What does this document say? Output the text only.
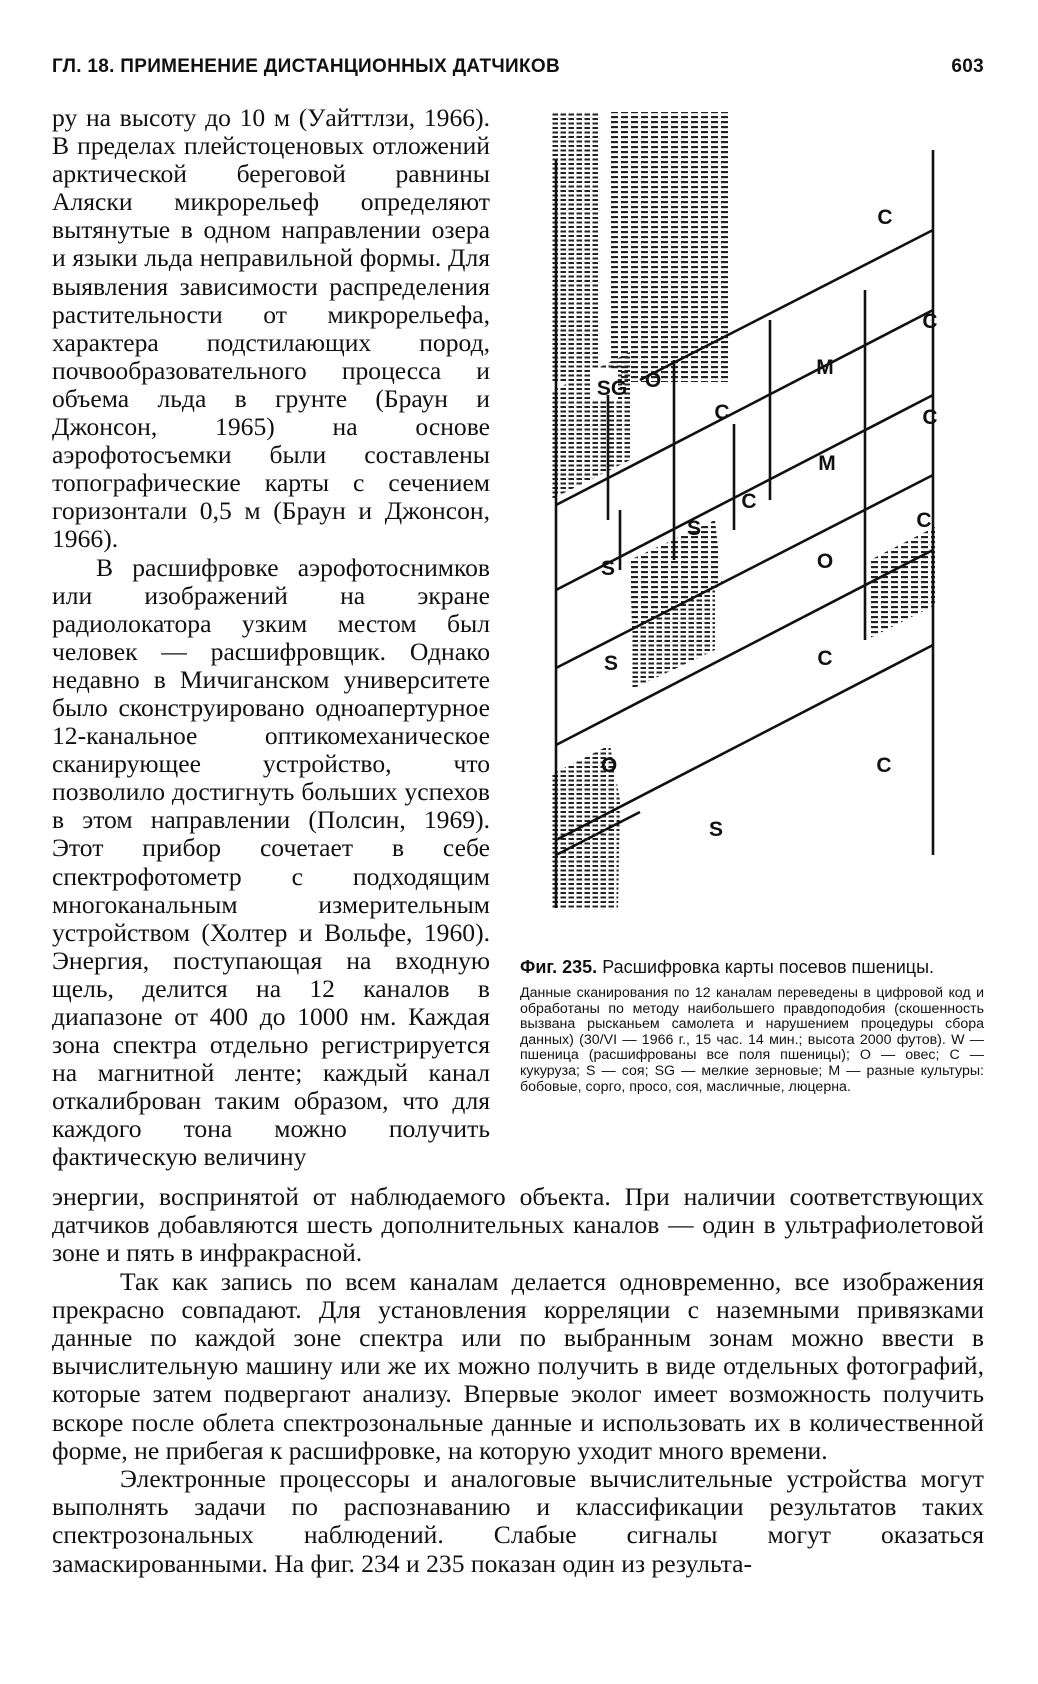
ГЛ. 18. ПРИМЕНЕНИЕ ДИСТАНЦИОННЫХ ДАТЧИКОВ	603

ру на высоту до 10 м (Уайттлзи, 1966). В пределах плейстоценовых отложений арктической береговой равнины Аляски микрорельеф определяют вытянутые в одном направлении озера и языки льда неправильной формы. Для выявления зависимости распределения растительности от микрорельефа, характера подстилающих пород, почвообразовательного процесса и объема льда в грунте (Браун и Джонсон, 1965) на основе аэрофотосъемки были составлены топографические карты с сечением горизонтали 0,5 м (Браун и Джонсон, 1966).

В расшифровке аэрофотоснимков или изображений на экране радиолокатора узким местом был человек — расшифровщик. Однако недавно в Мичиганском университете было сконструировано одноапертурное 12-канальное оптикомеханическое сканирующее устройство, что позволило достигнуть больших успехов в этом направлении (Полсин, 1969). Этот прибор сочетает в себе спектрофотометр с подходящим многоканальным измерительным устройством (Холтер и Вольфе, 1960). Энергия, поступающая на входную щель, делится на 12 каналов в диапазоне от 400 до 1000 нм. Каждая зона спектра отдельно регистрируется на магнитной ленте; каждый канал откалиброван таким образом, что для каждого тона можно получить фактическую величину

C
C
M
SG O
C	C
M
C
S	C
S	O
S	C
O	C
S

Фиг. 235. Расшифровка карты посевов пшеницы.

Данные сканирования по 12 каналам переведены в цифровой код и обработаны по методу наибольшего правдоподобия (скошенность вызвана рысканьем самолета и нарушением процедуры сбора данных) (30/VI — 1966 г., 15 час. 14 мин.; высота 2000 футов). W — пшеница (расшифрованы все поля пшеницы); O — овес; C — кукуруза; S — соя; SG — мелкие зерновые; M — разные культуры: бобовые, сорго, просо, соя, масличные, люцерна.

энергии, воспринятой от наблюдаемого объекта. При наличии соответствующих датчиков добавляются шесть дополнительных каналов — один в ультрафиолетовой зоне и пять в инфракрасной.

Так как запись по всем каналам делается одновременно, все изображения прекрасно совпадают. Для установления корреляции с наземными привязками данные по каждой зоне спектра или по выбранным зонам можно ввести в вычислительную машину или же их можно получить в виде отдельных фотографий, которые затем подвергают анализу. Впервые эколог имеет возможность получить вскоре после облета спектрозональные данные и использовать их в количественной форме, не прибегая к расшифровке, на которую уходит много времени.

Электронные процессоры и аналоговые вычислительные устройства могут выполнять задачи по распознаванию и классификации результатов таких спектрозональных наблюдений. Слабые сигналы могут оказаться замаскированными. На фиг. 234 и 235 показан один из результа-
